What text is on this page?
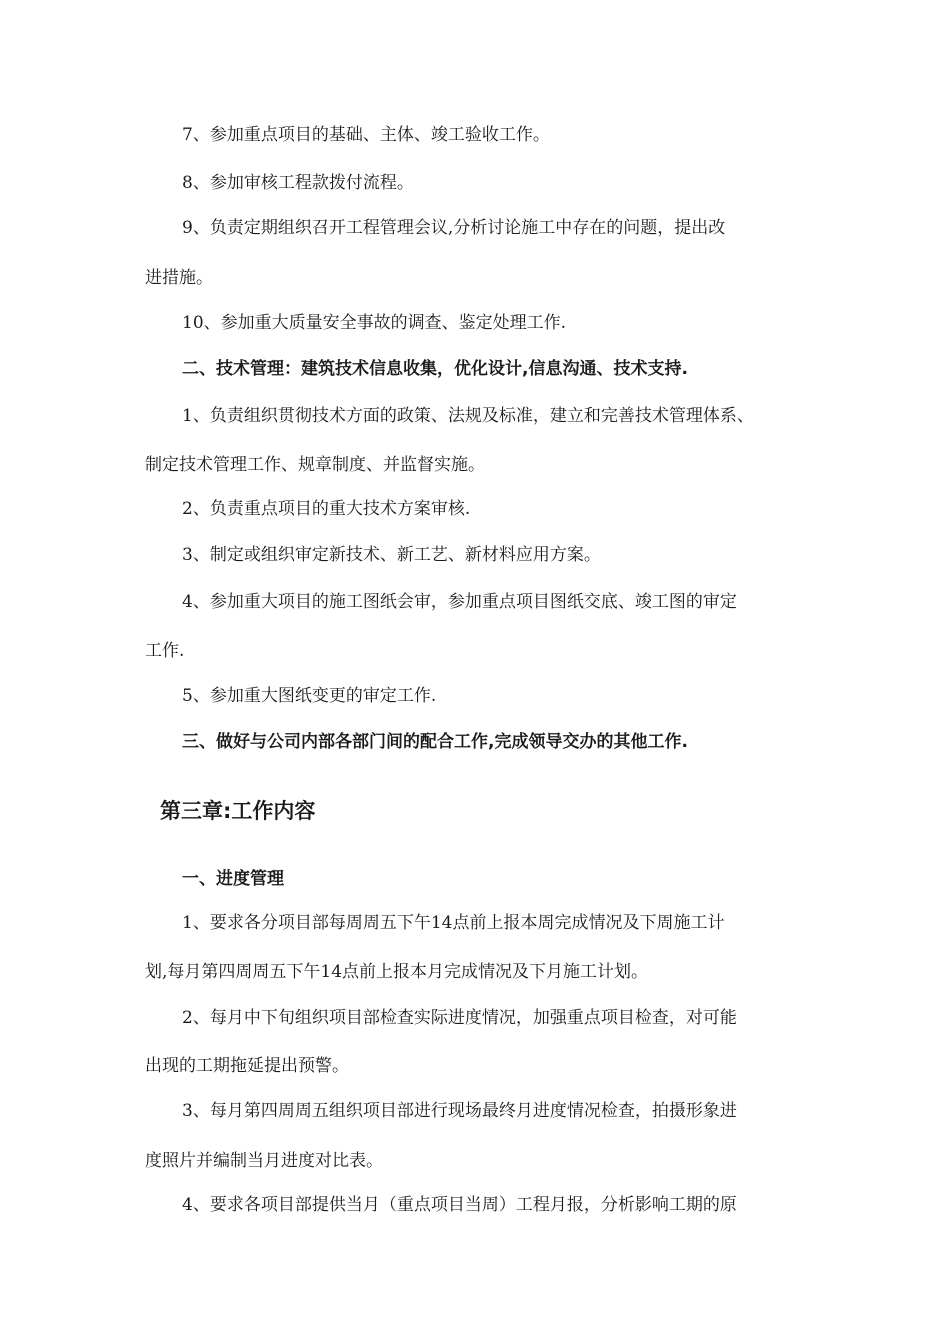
7、参加重点项目的基础、主体、竣工验收工作。
8、参加审核工程款拨付流程。
9、负责定期组织召开工程管理会议,分析讨论施工中存在的问题，提出改
进措施。
10、参加重大质量安全事故的调查、鉴定处理工作.
二、技术管理：建筑技术信息收集，优化设计,信息沟通、技术支持.
1、负责组织贯彻技术方面的政策、法规及标准，建立和完善技术管理体系、
制定技术管理工作、规章制度、并监督实施。
2、负责重点项目的重大技术方案审核.
3、制定或组织审定新技术、新工艺、新材料应用方案。
4、参加重大项目的施工图纸会审，参加重点项目图纸交底、竣工图的审定
工作.
5、参加重大图纸变更的审定工作.
三、做好与公司内部各部门间的配合工作,完成领导交办的其他工作.
第三章:工作内容
一、进度管理
1、要求各分项目部每周周五下午14点前上报本周完成情况及下周施工计
划,每月第四周周五下午14点前上报本月完成情况及下月施工计划。
2、每月中下旬组织项目部检查实际进度情况，加强重点项目检查，对可能
出现的工期拖延提出预警。
3、每月第四周周五组织项目部进行现场最终月进度情况检查，拍摄形象进
度照片并编制当月进度对比表。
4、要求各项目部提供当月（重点项目当周）工程月报，分析影响工期的原
